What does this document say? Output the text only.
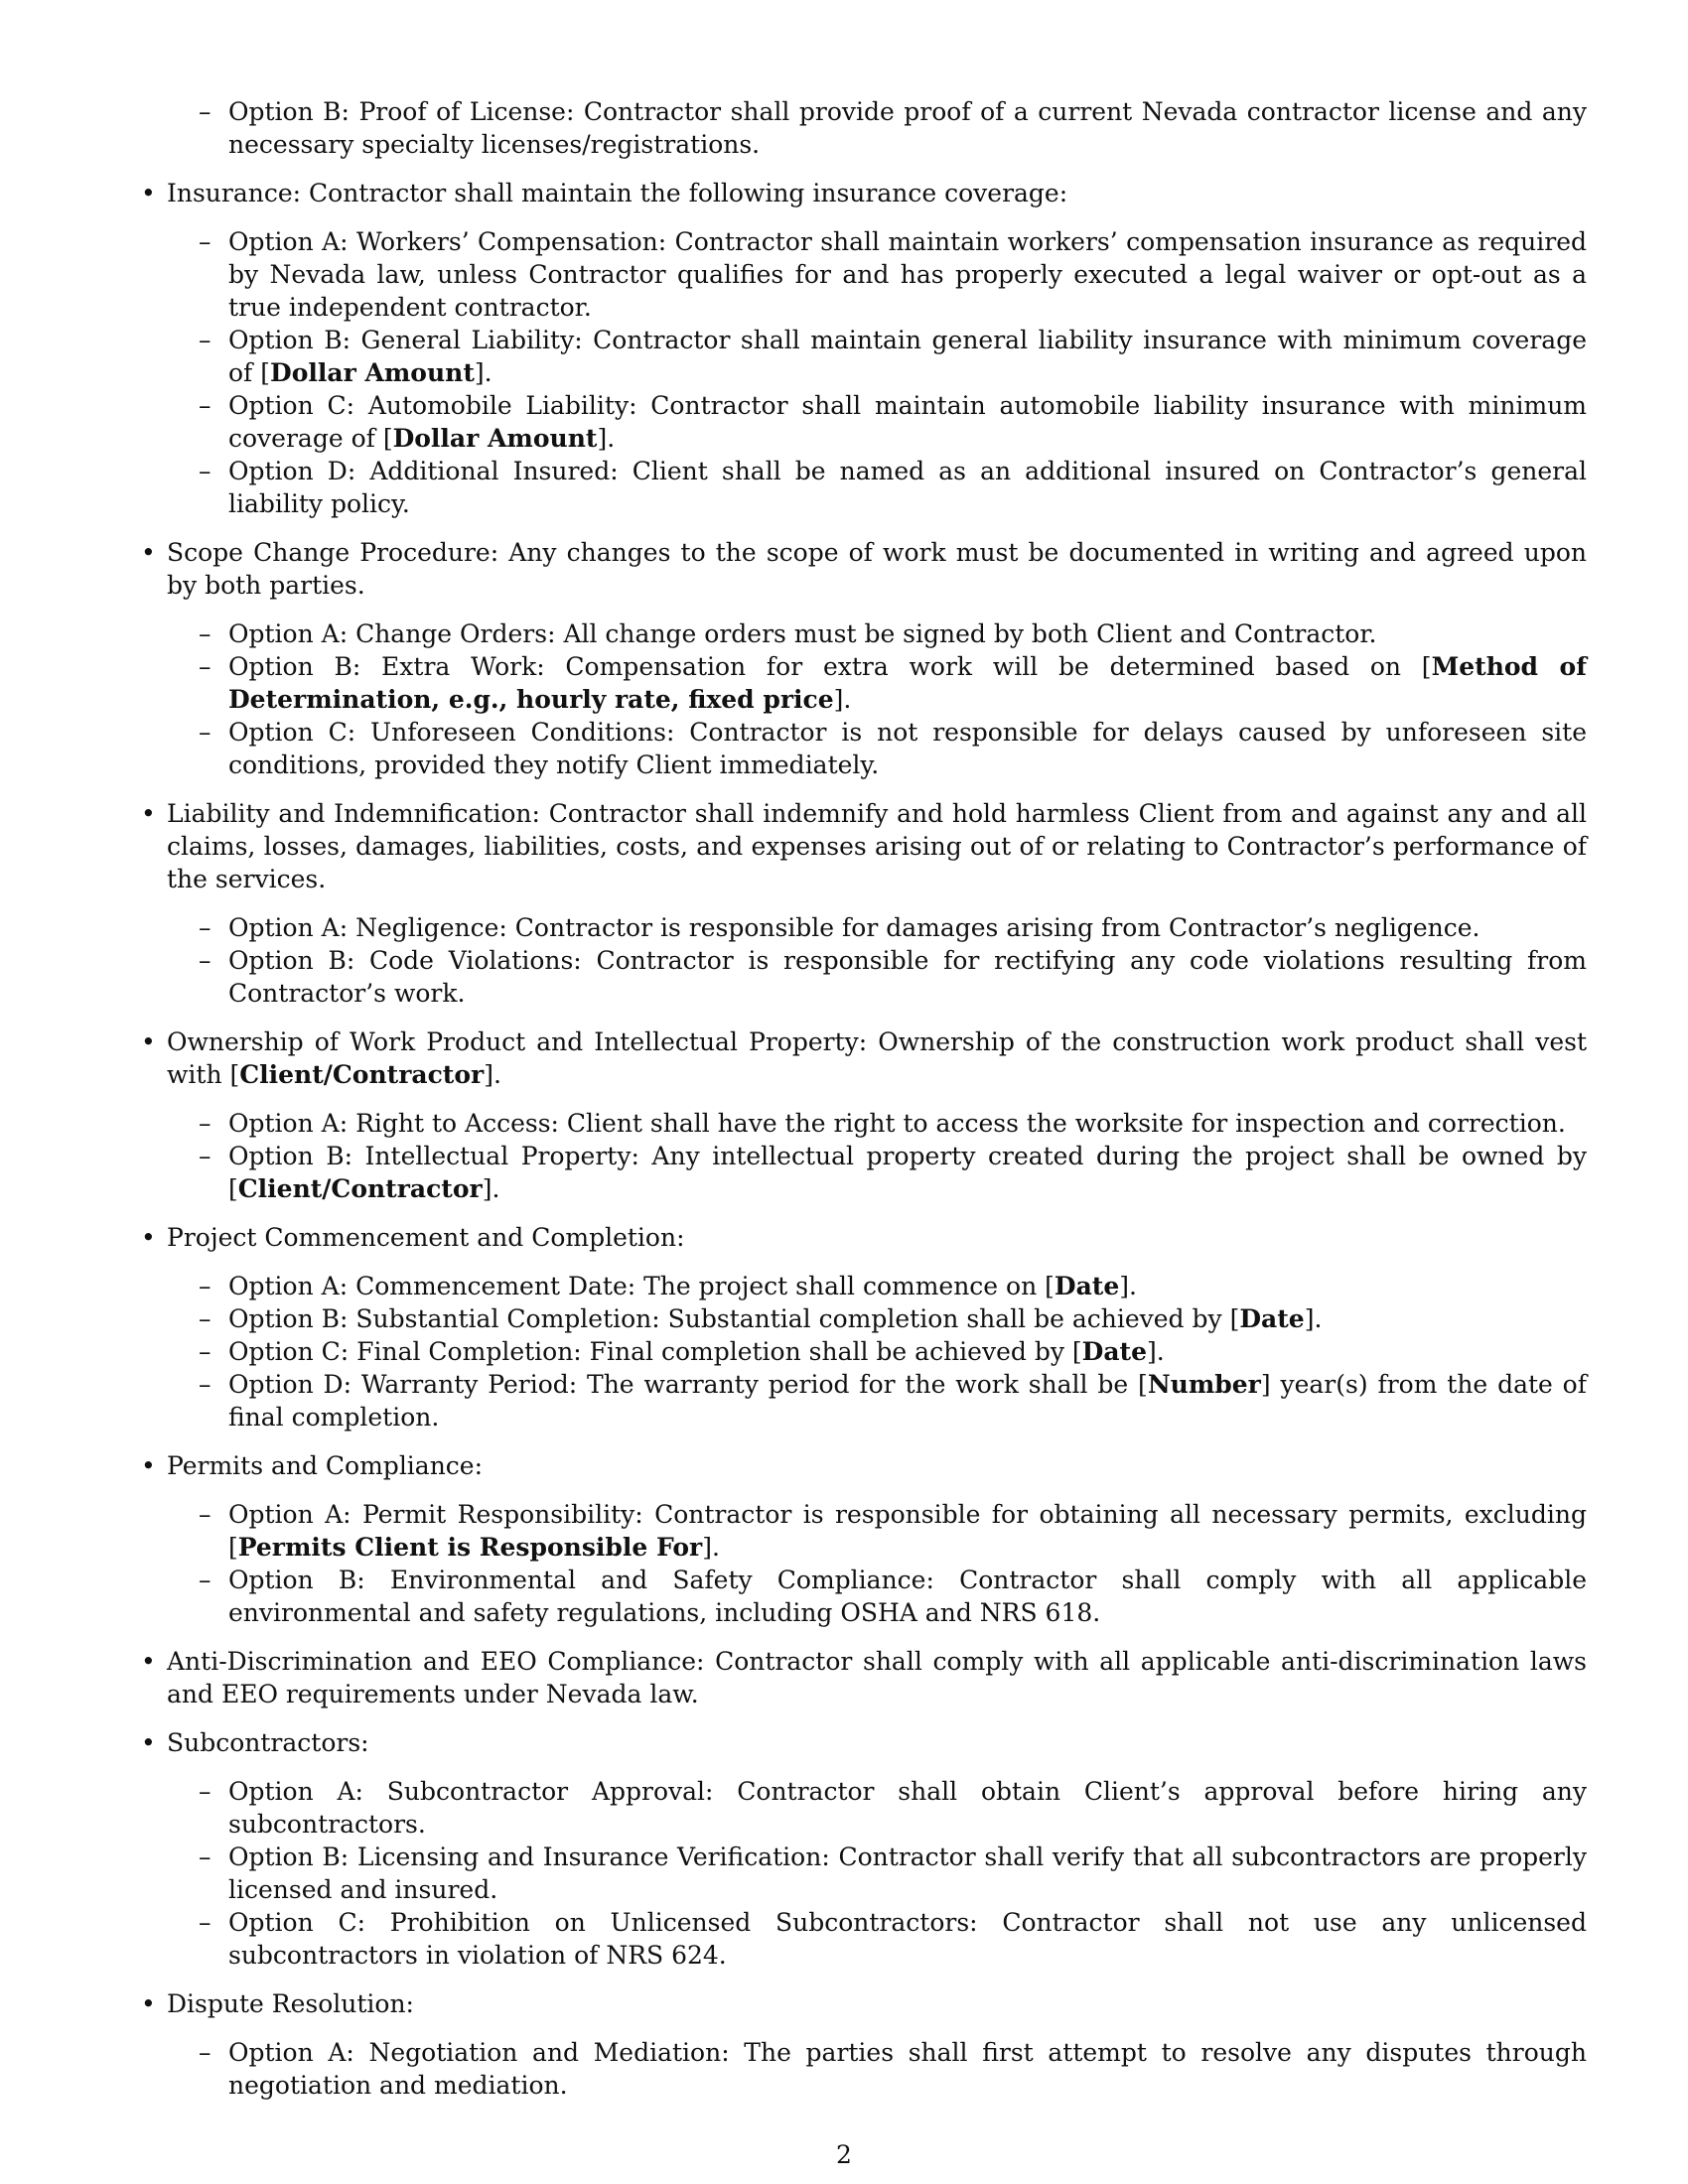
– Option B: Proof of License: Contractor shall provide proof of a current Nevada contractor license and any necessary specialty licenses/registrations.
• Insurance: Contractor shall maintain the following insurance coverage:
– Option A: Workers’ Compensation: Contractor shall maintain workers’ compensation insurance as required by Nevada law, unless Contractor qualifies for and has properly executed a legal waiver or opt-out as a true independent contractor.
– Option B: General Liability: Contractor shall maintain general liability insurance with minimum coverage of [Dollar Amount].
– Option C: Automobile Liability: Contractor shall maintain automobile liability insurance with minimum coverage of [Dollar Amount].
– Option D: Additional Insured: Client shall be named as an additional insured on Contractor’s general liability policy.
• Scope Change Procedure: Any changes to the scope of work must be documented in writing and agreed upon by both parties.
– Option A: Change Orders: All change orders must be signed by both Client and Contractor.
– Option B: Extra Work: Compensation for extra work will be determined based on [Method of Determination, e.g., hourly rate, fixed price].
– Option C: Unforeseen Conditions: Contractor is not responsible for delays caused by unforeseen site conditions, provided they notify Client immediately.
• Liability and Indemnification: Contractor shall indemnify and hold harmless Client from and against any and all claims, losses, damages, liabilities, costs, and expenses arising out of or relating to Contractor’s performance of the services.
– Option A: Negligence: Contractor is responsible for damages arising from Contractor’s negligence.
– Option B: Code Violations: Contractor is responsible for rectifying any code violations resulting from Contractor’s work.
• Ownership of Work Product and Intellectual Property: Ownership of the construction work product shall vest with [Client/Contractor].
– Option A: Right to Access: Client shall have the right to access the worksite for inspection and correction.
– Option B: Intellectual Property: Any intellectual property created during the project shall be owned by [Client/Contractor].
• Project Commencement and Completion:
– Option A: Commencement Date: The project shall commence on [Date].
– Option B: Substantial Completion: Substantial completion shall be achieved by [Date].
– Option C: Final Completion: Final completion shall be achieved by [Date].
– Option D: Warranty Period: The warranty period for the work shall be [Number] year(s) from the date of final completion.
• Permits and Compliance:
– Option A: Permit Responsibility: Contractor is responsible for obtaining all necessary permits, excluding [Permits Client is Responsible For].
– Option B: Environmental and Safety Compliance: Contractor shall comply with all applicable environmental and safety regulations, including OSHA and NRS 618.
• Anti-Discrimination and EEO Compliance: Contractor shall comply with all applicable anti-discrimination laws and EEO requirements under Nevada law.
• Subcontractors:
– Option A: Subcontractor Approval: Contractor shall obtain Client’s approval before hiring any subcontractors.
– Option B: Licensing and Insurance Verification: Contractor shall verify that all subcontractors are properly licensed and insured.
– Option C: Prohibition on Unlicensed Subcontractors: Contractor shall not use any unlicensed subcontractors in violation of NRS 624.
• Dispute Resolution:
– Option A: Negotiation and Mediation: The parties shall first attempt to resolve any disputes through negotiation and mediation.
2
